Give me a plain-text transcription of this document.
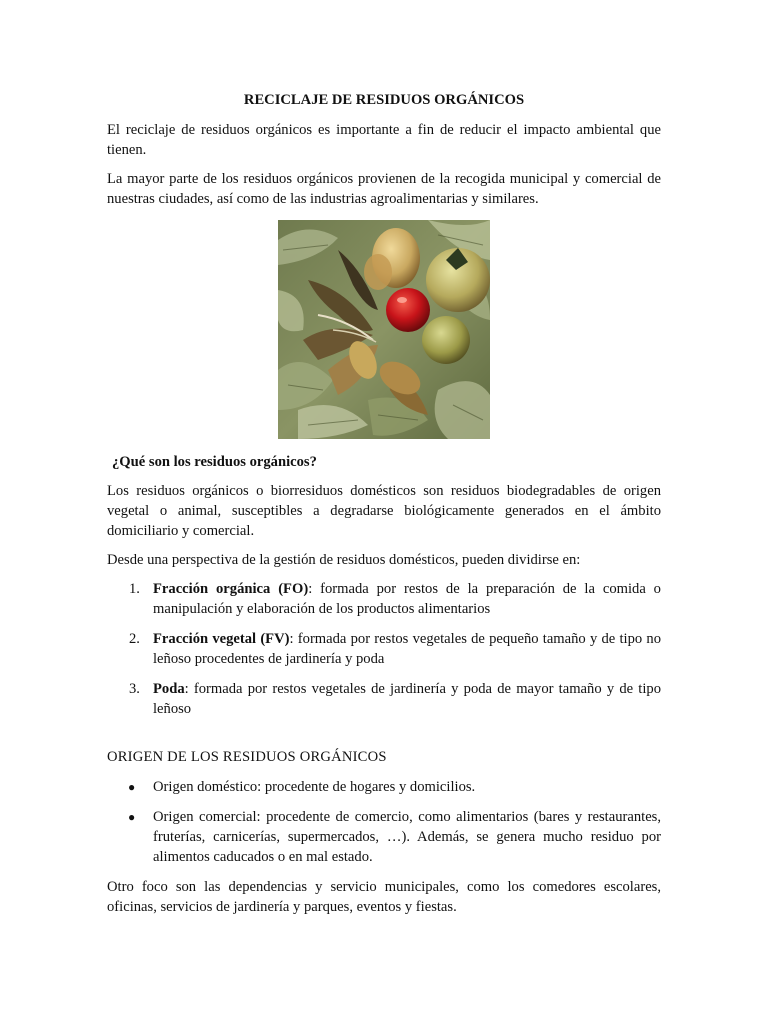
RECICLAJE DE RESIDUOS ORGÁNICOS

El reciclaje de residuos orgánicos es importante a fin de reducir el impacto ambiental que tienen.

La mayor parte de los residuos orgánicos provienen de la recogida municipal y comercial de nuestras ciudades, así como de las industrias agroalimentarias y similares.

¿Qué son los residuos orgánicos?

Los residuos orgánicos o biorresiduos domésticos son residuos biodegradables de origen vegetal o animal, susceptibles a degradarse biológicamente generados en el ámbito domiciliario y comercial.

Desde una perspectiva de la gestión de residuos domésticos, pueden dividirse en:

1. Fracción orgánica (FO): formada por restos de la preparación de la comida o manipulación y elaboración de los productos alimentarios
2. Fracción vegetal (FV): formada por restos vegetales de pequeño tamaño y de tipo no leñoso procedentes de jardinería y poda
3. Poda: formada por restos vegetales de jardinería y poda de mayor tamaño y de tipo leñoso
ORIGEN DE LOS RESIDUOS ORGÁNICOS
● Origen doméstico: procedente de hogares y domicilios.
● Origen comercial: procedente de comercio, como alimentarios (bares y restaurantes, fruterías, carnicerías, supermercados, …). Además, se genera mucho residuo por alimentos caducados o en mal estado.

Otro foco son las dependencias y servicio municipales, como los comedores escolares, oficinas, servicios de jardinería y parques, eventos y fiestas.
